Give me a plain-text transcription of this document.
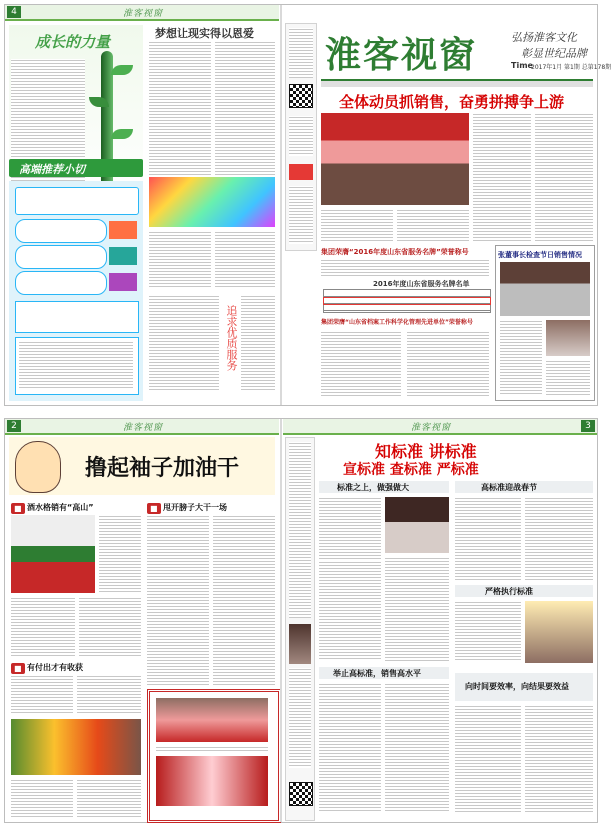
4	淮客视窗
成长的力量
高端推荐小切
梦想让现实得以恩爱
追求优质服务
淮客视窗	弘扬淮客文化
彰显世纪品牌
Time
2017年1月 第1期 总第178期
全体动员抓销售，奋勇拼搏争上游
集团荣膺“2016年度山东省服务名牌”荣誉称号
2016年度山东省服务名牌名单
集团荣膺“山东省档案工作科学化管理先进单位”荣誉称号
张董事长检查节日销售情况
2	淮客视窗
撸起袖子加油干
■ 酒水格销有“高山”
■ 有付出才有收获
■ 甩开膀子大干一场
淮客视窗	3
知标准 讲标准
宣标准 查标准 严标准
标准之上，做强做大
举止高标准，销售高水平
高标准迎战春节
严格执行标准
向时间要效率，向结果要效益
